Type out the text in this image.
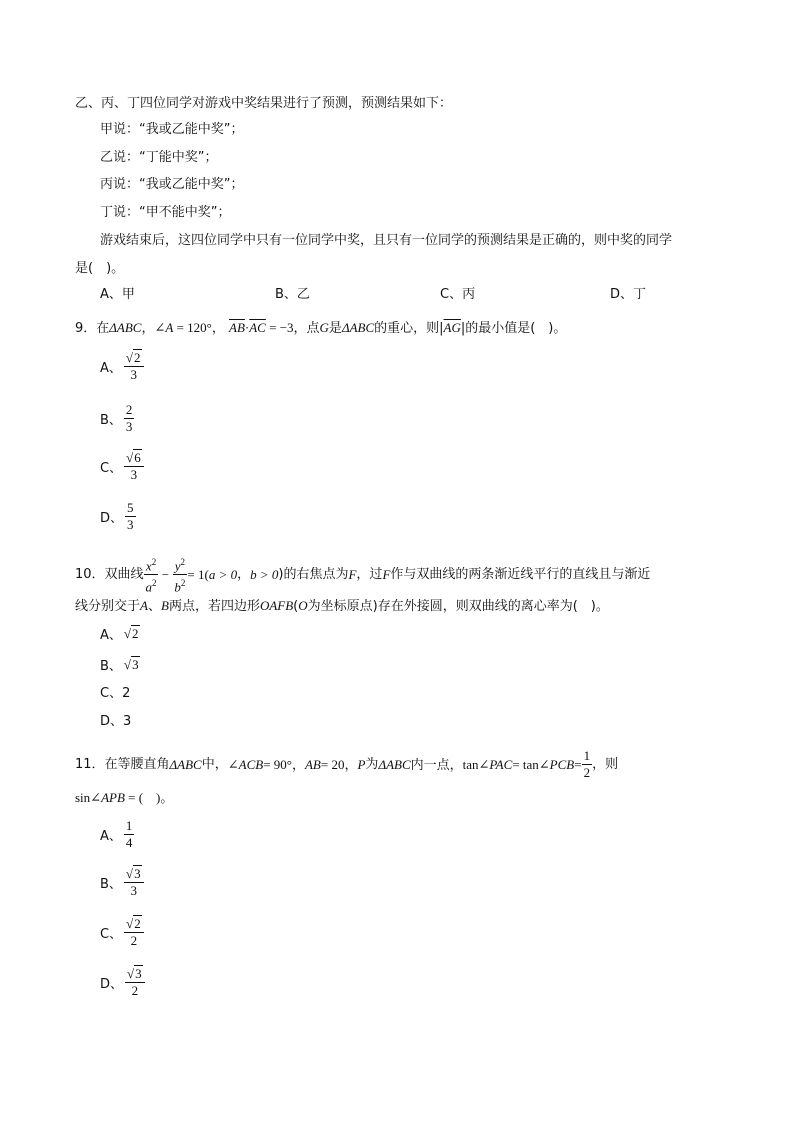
乙、丙、丁四位同学对游戏中奖结果进行了预测，预测结果如下：
甲说：“我或乙能中奖”；
乙说：“丁能中奖”；
丙说：“我或乙能中奖”；
丁说：“甲不能中奖”；
游戏结束后，这四位同学中只有一位同学中奖，且只有一位同学的预测结果是正确的，则中奖的同学
是(　)。
A、甲	B、乙	C、丙	D、丁
9．在ΔABC，∠A = 120°， $\overline{AB}\cdot\overline{AC} = -3$，点G是ΔABC的重心，则$|\overline{AG}|$的最小值是(　)。
A、 $\frac{√2}{3}$
B、 $\frac{2}{3}$
C、 $\frac{√6}{3}$
D、 $\frac{5}{3}$
10．双曲线 $\frac{x^2}{a^2} - \frac{y^2}{b^2} = 1$( a > 0 ， b > 0 )的右焦点为 F ，过 F 作与双曲线的两条渐近线平行的直线且与渐近
线分别交于A、B两点，若四边形OAFB(O为坐标原点)存在外接圆，则双曲线的离心率为(　)。
A、 √2
B、 √3
C、2
D、3
11．在等腰直角 ΔABC 中， ∠ACB = 90°， AB = 20， P 为 ΔABC 内一点，tan ∠PAC = tan ∠PCB = $\frac{1}{2}$ ，则
sin∠APB = (　)。
A、 $\frac{1}{4}$
B、 $\frac{√3}{3}$
C、 $\frac{√2}{2}$
D、 $\frac{√3}{2}$
